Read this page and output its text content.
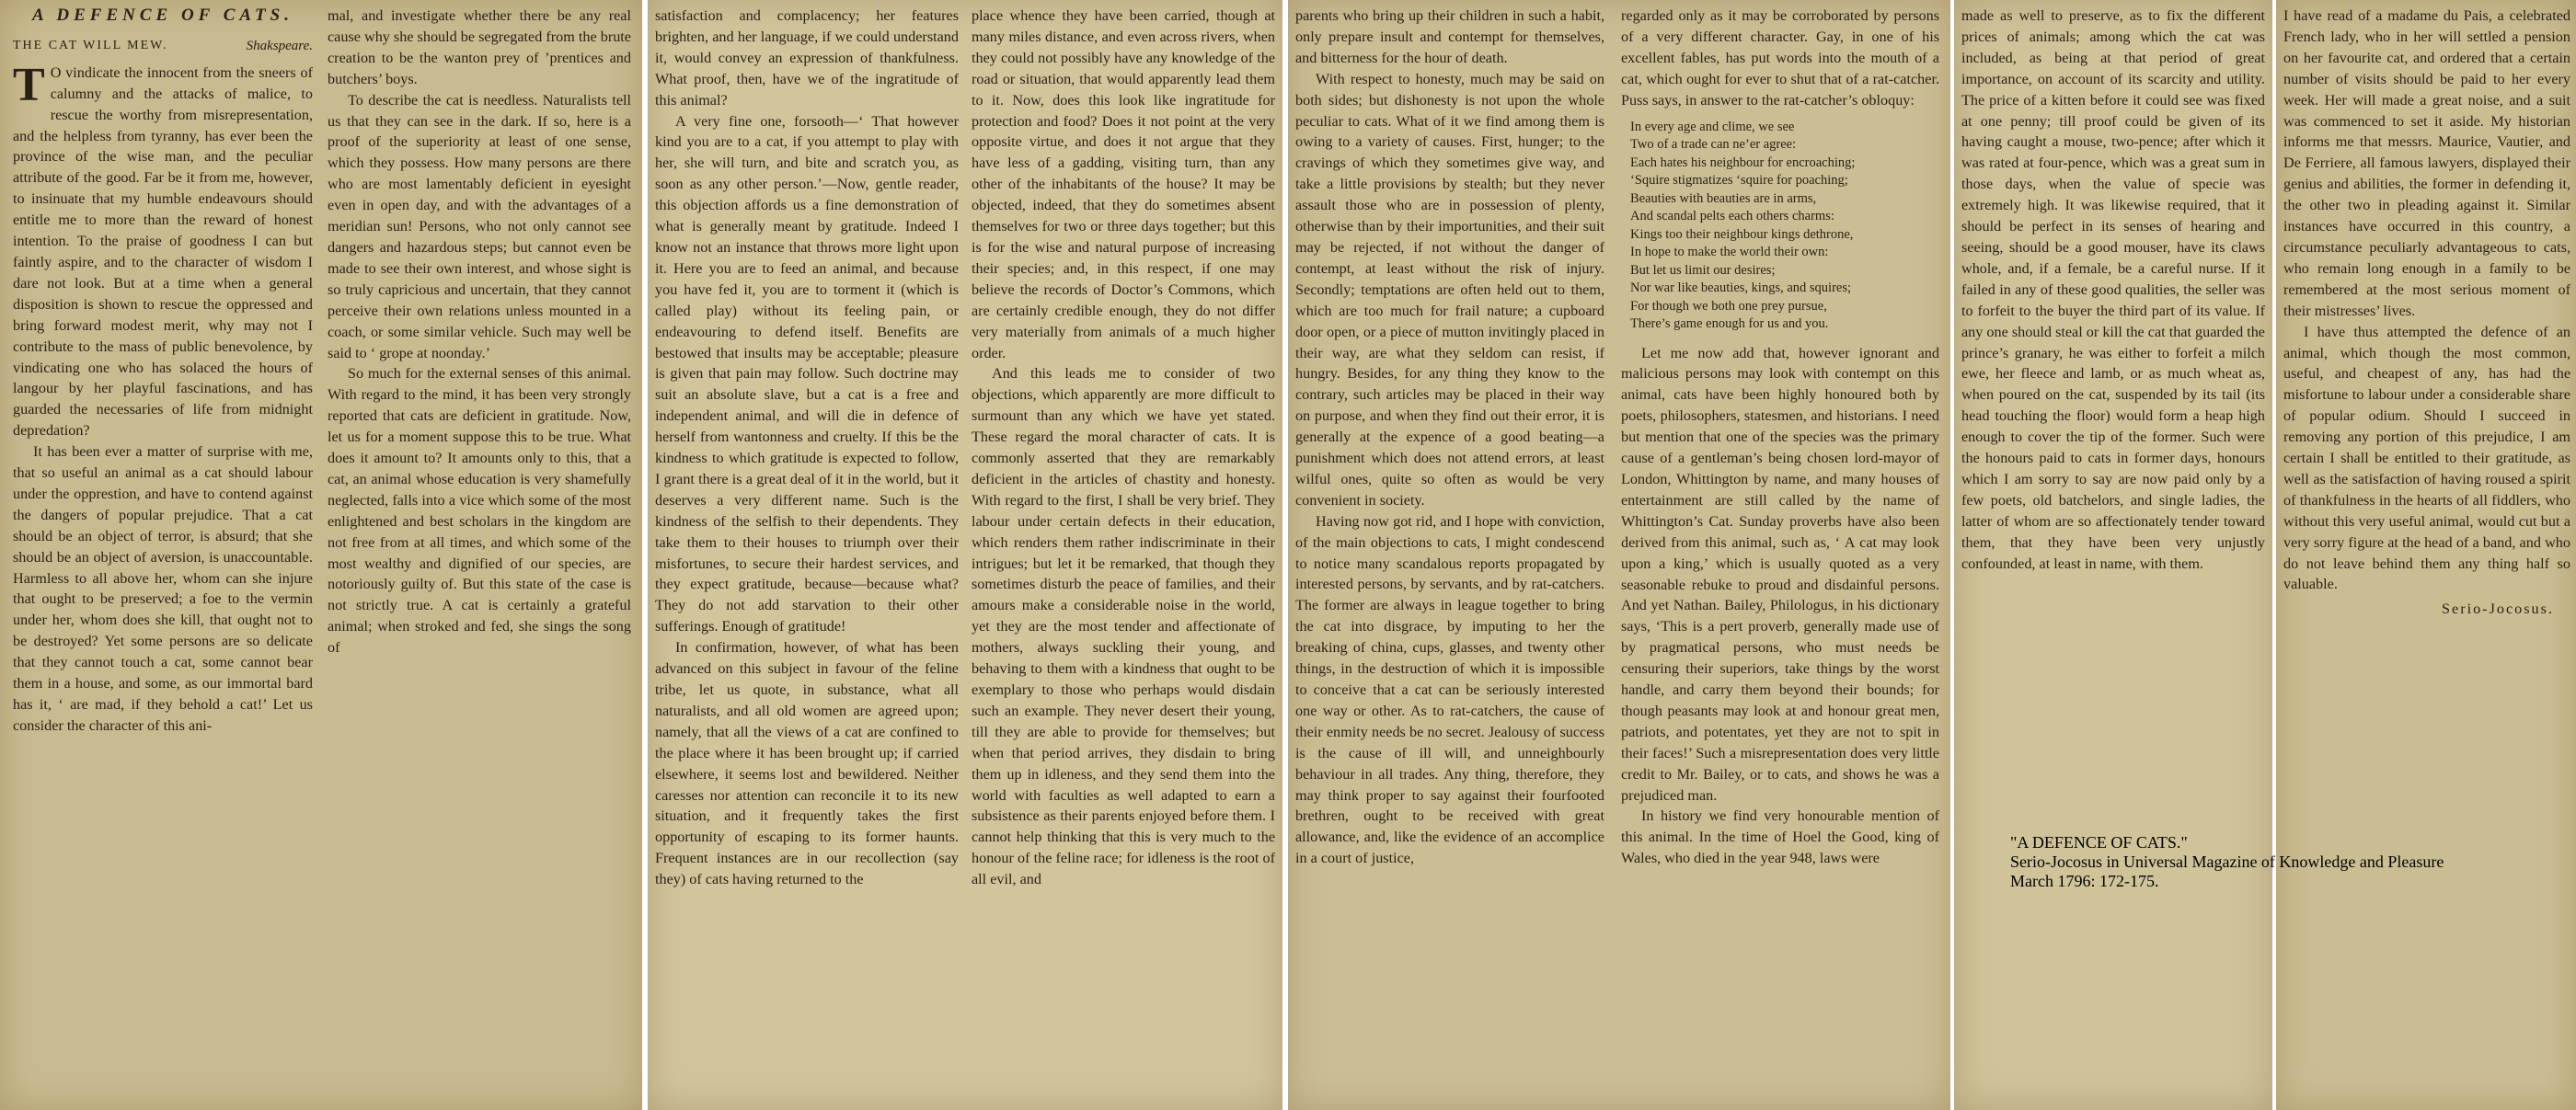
A DEFENCE OF CATS.
THE CAT WILL MEW.	Shakspeare.

T O vindicate the innocent from the sneers of calumny and the attacks of malice, to rescue the worthy from misrepresentation, and the helpless from tyranny, has ever been the province of the wise man, and the peculiar attribute of the good. Far be it from me, however, to insinuate that my humble endeavours should entitle me to more than the reward of honest intention. To the praise of goodness I can but faintly aspire, and to the character of wisdom I dare not look. But at a time when a general disposition is shown to rescue the oppressed and bring forward modest merit, why may not I contribute to the mass of public benevolence, by vindicating one who has solaced the hours of langour by her playful fascinations, and has guarded the necessaries of life from midnight depredation?

It has been ever a matter of surprise with me, that so useful an animal as a cat should labour under the opprestion, and have to contend against the dangers of popular prejudice. That a cat should be an object of terror, is absurd; that she should be an object of aversion, is unaccountable. Harmless to all above her, whom can she injure that ought to be preserved; a foe to the vermin under her, whom does she kill, that ought not to be destroyed? Yet some persons are so delicate that they cannot touch a cat, some cannot bear them in a house, and some, as our immortal bard has it, ‘ are mad, if they behold a cat!’ Let us consider the character of this ani-

mal, and investigate whether there be any real cause why she should be segregated from the brute creation to be the wanton prey of ’prentices and butchers’ boys.

To describe the cat is needless. Naturalists tell us that they can see in the dark. If so, here is a proof of the superiority at least of one sense, which they possess. How many persons are there who are most lamentably deficient in eyesight even in open day, and with the advantages of a meridian sun! Persons, who not only cannot see dangers and hazardous steps; but cannot even be made to see their own interest, and whose sight is so truly capricious and uncertain, that they cannot perceive their own relations unless mounted in a coach, or some similar vehicle. Such may well be said to ‘ grope at noonday.’

So much for the external senses of this animal. With regard to the mind, it has been very strongly reported that cats are deficient in gratitude. Now, let us for a moment suppose this to be true. What does it amount to? It amounts only to this, that a cat, an animal whose education is very shamefully neglected, falls into a vice which some of the most enlightened and best scholars in the kingdom are not free from at all times, and which some of the most wealthy and dignified of our species, are notoriously guilty of. But this state of the case is not strictly true. A cat is certainly a grateful animal; when stroked and fed, she sings the song of

satisfaction and complacency; her features brighten, and her language, if we could understand it, would convey an expression of thankfulness. What proof, then, have we of the ingratitude of this animal?

A very fine one, forsooth—‘ That however kind you are to a cat, if you attempt to play with her, she will turn, and bite and scratch you, as soon as any other person.’—Now, gentle reader, this objection affords us a fine demonstration of what is generally meant by gratitude. Indeed I know not an instance that throws more light upon it. Here you are to feed an animal, and because you have fed it, you are to torment it (which is called play) without its feeling pain, or endeavouring to defend itself. Benefits are bestowed that insults may be acceptable; pleasure is given that pain may follow. Such doctrine may suit an absolute slave, but a cat is a free and independent animal, and will die in defence of herself from wantonness and cruelty. If this be the kindness to which gratitude is expected to follow, I grant there is a great deal of it in the world, but it deserves a very different name. Such is the kindness of the selfish to their dependents. They take them to their houses to triumph over their misfortunes, to secure their hardest services, and they expect gratitude, because—because what? They do not add starvation to their other sufferings. Enough of gratitude!

In confirmation, however, of what has been advanced on this subject in favour of the feline tribe, let us quote, in substance, what all naturalists, and all old women are agreed upon; namely, that all the views of a cat are confined to the place where it has been brought up; if carried elsewhere, it seems lost and bewildered. Neither caresses nor attention can reconcile it to its new situation, and it frequently takes the first opportunity of escaping to its former haunts. Frequent instances are in our recollection (say they) of cats having returned to the

place whence they have been carried, though at many miles distance, and even across rivers, when they could not possibly have any knowledge of the road or situation, that would apparently lead them to it. Now, does this look like ingratitude for protection and food? Does it not point at the very opposite virtue, and does it not argue that they have less of a gadding, visiting turn, than any other of the inhabitants of the house? It may be objected, indeed, that they do sometimes absent themselves for two or three days together; but this is for the wise and natural purpose of increasing their species; and, in this respect, if one may believe the records of Doctor’s Commons, which are certainly credible enough, they do not differ very materially from animals of a much higher order.

And this leads me to consider of two objections, which apparently are more difficult to surmount than any which we have yet stated. These regard the moral character of cats. It is commonly asserted that they are remarkably deficient in the articles of chastity and honesty. With regard to the first, I shall be very brief. They labour under certain defects in their education, which renders them rather indiscriminate in their intrigues; but let it be remarked, that though they sometimes disturb the peace of families, and their amours make a considerable noise in the world, yet they are the most tender and affectionate of mothers, always suckling their young, and behaving to them with a kindness that ought to be exemplary to those who perhaps would disdain such an example. They never desert their young, till they are able to provide for themselves; but when that period arrives, they disdain to bring them up in idleness, and they send them into the world with faculties as well adapted to earn a subsistence as their parents enjoyed before them. I cannot help thinking that this is very much to the honour of the feline race; for idleness is the root of all evil, and

parents who bring up their children in such a habit, only prepare insult and contempt for themselves, and bitterness for the hour of death.

With respect to honesty, much may be said on both sides; but dishonesty is not upon the whole peculiar to cats. What of it we find among them is owing to a variety of causes. First, hunger; to the cravings of which they sometimes give way, and take a little provisions by stealth; but they never assault those who are in possession of plenty, otherwise than by their importunities, and their suit may be rejected, if not without the danger of contempt, at least without the risk of injury. Secondly; temptations are often held out to them, which are too much for frail nature; a cupboard door open, or a piece of mutton invitingly placed in their way, are what they seldom can resist, if hungry. Besides, for any thing they know to the contrary, such articles may be placed in their way on purpose, and when they find out their error, it is generally at the expence of a good beating—a punishment which does not attend errors, at least wilful ones, quite so often as would be very convenient in society.

Having now got rid, and I hope with conviction, of the main objections to cats, I might condescend to notice many scandalous reports propagated by interested persons, by servants, and by rat-catchers. The former are always in league together to bring the cat into disgrace, by imputing to her the breaking of china, cups, glasses, and twenty other things, in the destruction of which it is impossible to conceive that a cat can be seriously interested one way or other. As to rat-catchers, the cause of their enmity needs be no secret. Jealousy of success is the cause of ill will, and unneighbourly behaviour in all trades. Any thing, therefore, they may think proper to say against their fourfooted brethren, ought to be received with great allowance, and, like the evidence of an accomplice in a court of justice,

regarded only as it may be corroborated by persons of a very different character. Gay, in one of his excellent fables, has put words into the mouth of a cat, which ought for ever to shut that of a rat-catcher. Puss says, in answer to the rat-catcher’s obloquy:

In every age and clime, we see
Two of a trade can ne’er agree:
Each hates his neighbour for encroaching;
‘Squire stigmatizes ‘squire for poaching;
Beauties with beauties are in arms,
And scandal pelts each others charms:
Kings too their neighbour kings dethrone,
In hope to make the world their own:
But let us limit our desires;
Nor war like beauties, kings, and squires;
For though we both one prey pursue,
There’s game enough for us and you.

Let me now add that, however ignorant and malicious persons may look with contempt on this animal, cats have been highly honoured both by poets, philosophers, statesmen, and historians. I need but mention that one of the species was the primary cause of a gentleman’s being chosen lord-mayor of London, Whittington by name, and many houses of entertainment are still called by the name of Whittington’s Cat. Sunday proverbs have also been derived from this animal, such as, ‘ A cat may look upon a king,’ which is usually quoted as a very seasonable rebuke to proud and disdainful persons. And yet Nathan. Bailey, Philologus, in his dictionary says, ‘This is a pert proverb, generally made use of by pragmatical persons, who must needs be censuring their superiors, take things by the worst handle, and carry them beyond their bounds; for though peasants may look at and honour great men, patriots, and potentates, yet they are not to spit in their faces!’ Such a misrepresentation does very little credit to Mr. Bailey, or to cats, and shows he was a prejudiced man.

In history we find very honourable mention of this animal. In the time of Hoel the Good, king of Wales, who died in the year 948, laws were

made as well to preserve, as to fix the different prices of animals; among which the cat was included, as being at that period of great importance, on account of its scarcity and utility. The price of a kitten before it could see was fixed at one penny; till proof could be given of its having caught a mouse, two-pence; after which it was rated at four-pence, which was a great sum in those days, when the value of specie was extremely high. It was likewise required, that it should be perfect in its senses of hearing and seeing, should be a good mouser, have its claws whole, and, if a female, be a careful nurse. If it failed in any of these good qualities, the seller was to forfeit to the buyer the third part of its value. If any one should steal or kill the cat that guarded the prince’s granary, he was either to forfeit a milch ewe, her fleece and lamb, or as much wheat as, when poured on the cat, suspended by its tail (its head touching the floor) would form a heap high enough to cover the tip of the former. Such were the honours paid to cats in former days, honours which I am sorry to say are now paid only by a few poets, old batchelors, and single ladies, the latter of whom are so affectionately tender toward them, that they have been very unjustly confounded, at least in name, with them.

I have read of a madame du Pais, a celebrated French lady, who in her will settled a pension on her favourite cat, and ordered that a certain number of visits should be paid to her every week. Her will made a great noise, and a suit was commenced to set it aside. My historian informs me that messrs. Maurice, Vautier, and De Ferriere, all famous lawyers, displayed their genius and abilities, the former in defending it, the other two in pleading against it. Similar instances have occurred in this country, a circumstance peculiarly advantageous to cats, who remain long enough in a family to be remembered at the most serious moment of their mistresses’ lives.

I have thus attempted the defence of an animal, which though the most common, useful, and cheapest of any, has had the misfortune to labour under a considerable share of popular odium. Should I succeed in removing any portion of this prejudice, I am certain I shall be entitled to their gratitude, as well as the satisfaction of having roused a spirit of thankfulness in the hearts of all fiddlers, who without this very useful animal, would cut but a very sorry figure at the head of a band, and who do not leave behind them any thing half so valuable.

Serio-Jocosus.
"A DEFENCE OF CATS."
Serio-Jocosus in Universal Magazine of Knowledge and Pleasure
March 1796: 172-175.
